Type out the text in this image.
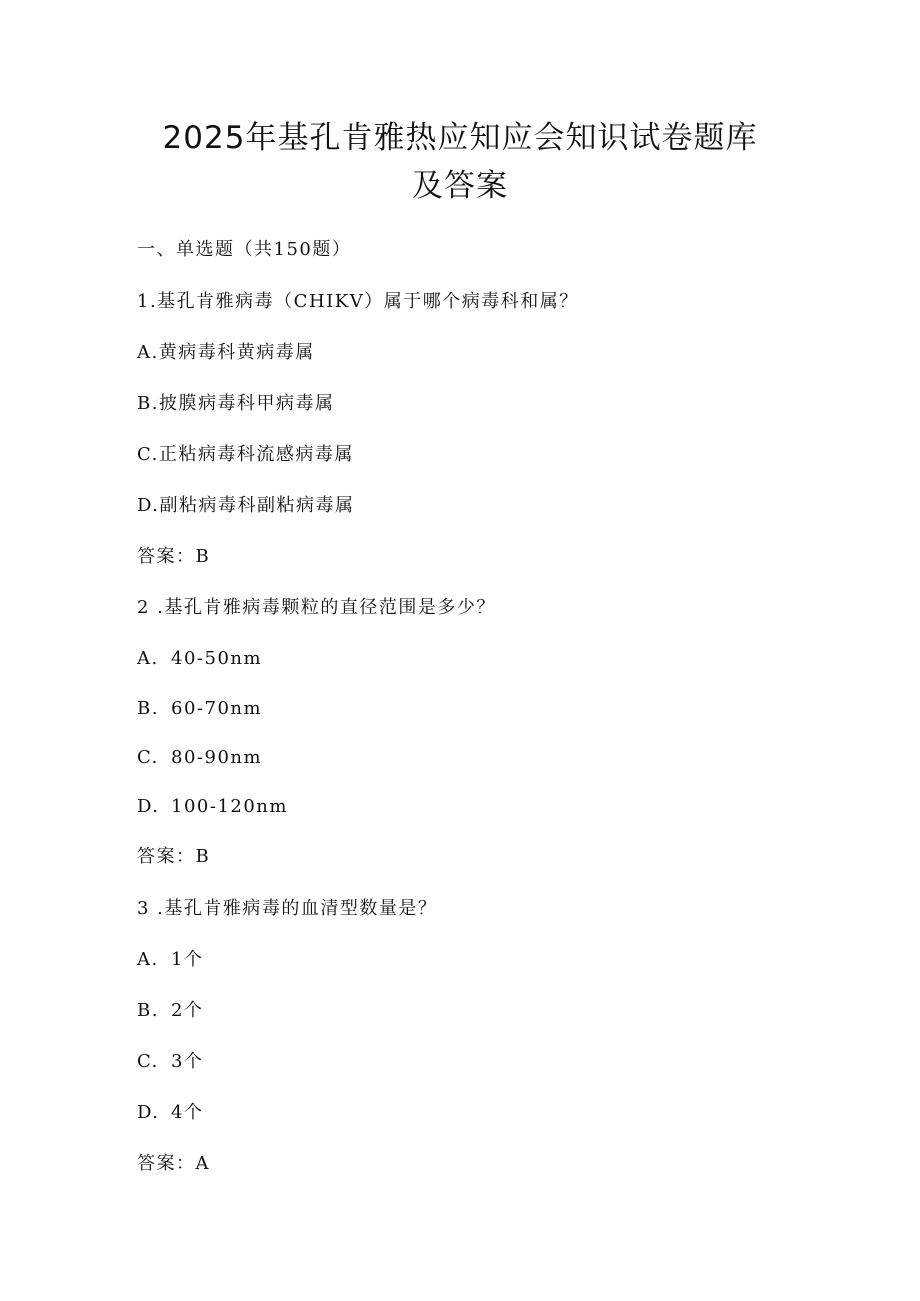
2025年基孔肯雅热应知应会知识试卷题库
及答案
一、单选题（共150题）
1.基孔肯雅病毒（CHIKV）属于哪个病毒科和属？
A.黄病毒科黄病毒属
B.披膜病毒科甲病毒属
C.正粘病毒科流感病毒属
D.副粘病毒科副粘病毒属
答案：B
2 .基孔肯雅病毒颗粒的直径范围是多少？
A. 40-50nm
B. 60-70nm
C. 80-90nm
D. 100-120nm
答案：B
3 .基孔肯雅病毒的血清型数量是？
A. 1个
B. 2个
C. 3个
D. 4个
答案：A
